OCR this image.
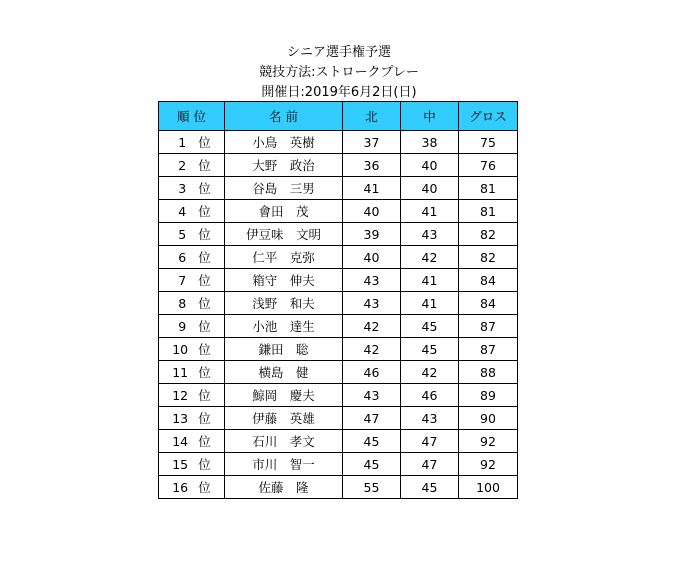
シニア選手権予選
競技方法:ストロークプレー
開催日:2019年6月2日(日)
順 位	名 前	北	中	グロス
1 位	小鳥　英樹	37	38	75
2 位	大野　政治	36	40	76
3 位	谷島　三男	41	40	81
4 位	會田　茂	40	41	81
5 位	伊豆味　文明	39	43	82
6 位	仁平　克弥	40	42	82
7 位	箱守　伸夫	43	41	84
8 位	浅野　和夫	43	41	84
9 位	小池　達生	42	45	87
10 位	鎌田　聡	42	45	87
11 位	横島　健	46	42	88
12 位	鯨岡　慶夫	43	46	89
13 位	伊藤　英雄	47	43	90
14 位	石川　孝文	45	47	92
15 位	市川　智一	45	47	92
16 位	佐藤　隆	55	45	100
